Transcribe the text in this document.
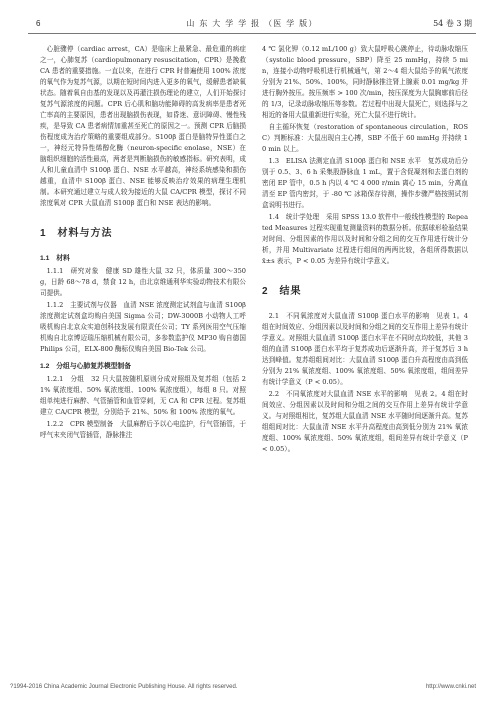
6	山 东 大 学 学 报 （医 学 版）	54 卷 3 期

心脏骤停（cardiac arrest，CA）是临床上最紧急、最危重的病症之一，心肺复苏（cardiopulmonary resuscitation，CPR）是挽救 CA 患者的重要措施。一直以来，在进行 CPR 时普遍使用 100% 浓度的氧气作为复苏气源，以期在短时间内进入更多的氧气，缓解患者缺氧状态。随着氧自由基的发现以及再灌注损伤理论的建立，人们开始探讨复苏气源浓度的问题。CPR 后心肌和脑功能障碍的高发病率是患者死亡率高的主要原因，患者出现脑损伤表现，如昏迷、意识障碍、慢性残疾，是导致 CA 患者病情加重甚至死亡的原因之一。预测 CPR 后脑损伤程度成为治疗策略的重要组成部分。S100β 蛋白是脑特异性蛋白之一，神经元特异性烯醇化酶（neuron-specific enolase，NSE）在脑组织细胞的活性最高，两者是判断脑损伤的敏感指标。研究表明，成人和儿童血清中 S100β 蛋白、NSE 水平越高，神经系统感染和损伤越重，血清中 S100β 蛋白、NSE 能够反映治疗效果的病理生理机制。本研究通过建立与成人较为接近的大鼠 CA/CPR 模型，探讨不同浓度氧对 CPR 大鼠血清 S100β 蛋白和 NSE 表达的影响。

1　材料与方法
1.1　材料

1.1.1　研究对象　健康 SD 雄性大鼠 32 只，体质量 300～350 g，日龄 68～78 d，禁食 12 h，由北京维通利华实验动物技术有限公司提供。

1.1.2　主要试剂与仪器　血清 NSE 浓度测定试剂盒与血清 S100β 浓度测定试剂盒均购自美国 Sigma 公司；DW-3000B 小动物人工呼吸机购自北京众实迪创科技发展有限责任公司；TY 系列医用空气压缩机购自北京博迈瑞压缩机械有限公司，多参数监护仪 MP30 购自德国 Philips 公司，ELX-800 酶标仪购自美国 Bio-Tek 公司。

1.2　分组与心肺复苏模型制备

1.2.1　分组　32 只大鼠按随机原则分成对照组及复苏组（包括 21% 氧浓度组、50% 氧浓度组、100% 氧浓度组），每组 8 只。对照组单纯进行麻醉、气管插管和血管穿刺，无 CA 和 CPR 过程。复苏组建立 CA/CPR 模型，分别给予 21%、50% 和 100% 浓度的氧气。

1.2.2　CPR 模型制备　大鼠麻醉后予以心电监护，行气管插管，于呼气末夹闭气管插管，静脉推注

4 ℃ 氯化钾（0.12 mL/100 g）致大鼠呼吸心跳停止，待动脉收缩压（systolic blood pressure，SBP）降至 25 mmHg，持续 5 min，连接小动物呼吸机进行机械通气，第 2～4 组大鼠给予的氧气浓度分别为 21%、50%、100%，同时静脉推注肾上腺素 0.01 mg/kg 并进行胸外按压。按压频率 > 100 次/min，按压深度为大鼠胸廓前后径的 1/3，记录动脉收缩压等参数。若过程中出现大鼠死亡，则选择与之相近的备用大鼠重新进行实验，死亡大鼠不进行统计。

自主循环恢复（restoration of spontaneous circulation，ROSC）判断标准：大鼠出现自主心搏，SBP 不低于 60 mmHg 并持续 10 min 以上。

1.3　ELISA 法测定血清 S100β 蛋白和 NSE 水平　复苏成功后分别于 0.5、3、6 h 采集股静脉血 1 mL，置于含促凝剂和去蛋白剂的密闭 EP 管中，0.5 h 内以 4 ℃ 4 000 r/min 离心 15 min，分离血清至 EP 管内密封，于 -80 ℃ 冰箱保存待测，操作步骤严格按照试剂盒说明书进行。

1.4　统计学处理　采用 SPSS 13.0 软件中一般线性模型的 Repeated Measures 过程实现重复测量资料的数据分析。依据球形检验结果对时间、分组因素的作用以及时间和分组之间的交互作用进行统计分析，并用 Multivariate 过程进行组间的两两比较，各组所得数据以 x̄±s 表示，P < 0.05 为差异有统计学意义。

2　结果

2.1　不同氧浓度对大鼠血清 S100β 蛋白水平的影响　见表 1。4 组在时间效应、分组因素以及时间和分组之间的交互作用上差异有统计学意义。对照组大鼠血清 S100β 蛋白水平在不同时点均较低，其他 3 组的血清 S100β 蛋白水平均于复苏成功后逐渐升高，并于复苏后 3 h 达到峰值。复苏组组间对比：大鼠血清 S100β 蛋白升高程度由高到低分别为 21% 氧浓度组、100% 氧浓度组、50% 氧浓度组，组间差异有统计学意义（P < 0.05）。

2.2　不同氧浓度对大鼠血清 NSE 水平的影响　见表 2。4 组在时间效应、分组因素以及时间和分组之间的交互作用上差异有统计学意义。与对照组相比，复苏组大鼠血清 NSE 水平随时间逐渐升高。复苏组组间对比：大鼠血清 NSE 水平升高程度由高到低分别为 21% 氧浓度组、100% 氧浓度组、50% 氧浓度组，组间差异有统计学意义（P < 0.05）。

?1994-2016 China Academic Journal Electronic Publishing House. All rights reserved.	http://www.cnki.net
